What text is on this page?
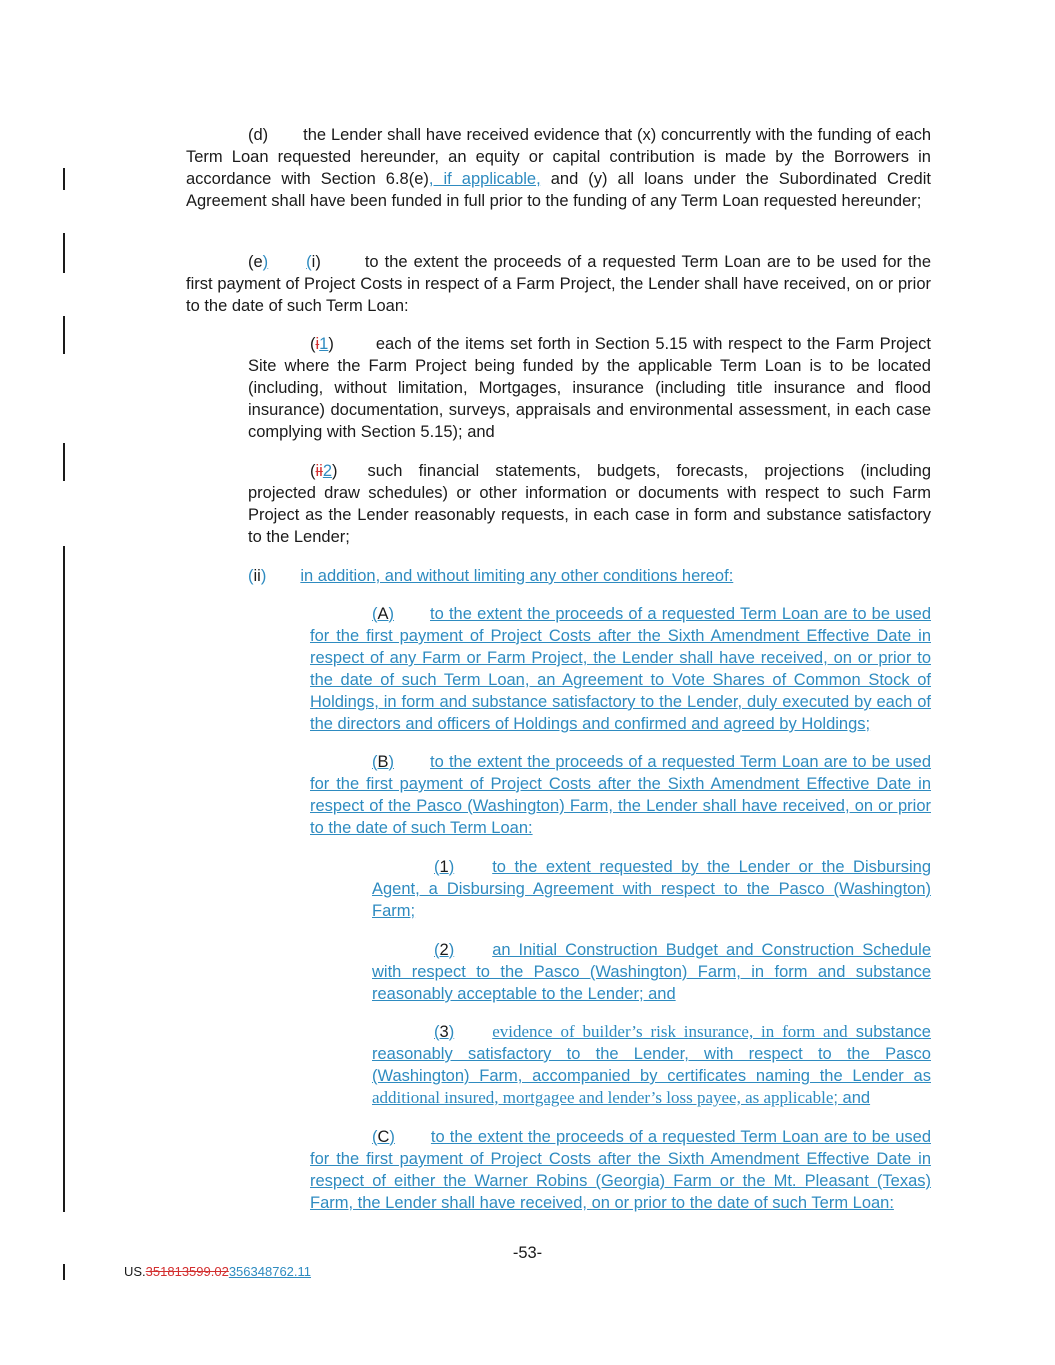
(d) the Lender shall have received evidence that (x) concurrently with the funding of each Term Loan requested hereunder, an equity or capital contribution is made by the Borrowers in accordance with Section 6.8(e), if applicable, and (y) all loans under the Subordinated Credit Agreement shall have been funded in full prior to the funding of any Term Loan requested hereunder;

(e) (i)	to the extent the proceeds of a requested Term Loan are to be used for the first payment of Project Costs in respect of a Farm Project, the Lender shall have received, on or prior to the date of such Term Loan:

(i1)	each of the items set forth in Section 5.15 with respect to the Farm Project Site where the Farm Project being funded by the applicable Term Loan is to be located (including, without limitation, Mortgages, insurance (including title insurance and flood insurance) documentation, surveys, appraisals and environmental assessment, in each case complying with Section 5.15); and

(ii2) such financial statements, budgets, forecasts, projections (including projected draw schedules) or other information or documents with respect to such Farm Project as the Lender reasonably requests, in each case in form and substance satisfactory to the Lender;

(ii) in addition, and without limiting any other conditions hereof:

(A) to the extent the proceeds of a requested Term Loan are to be used for the first payment of Project Costs after the Sixth Amendment Effective Date in respect of any Farm or Farm Project, the Lender shall have received, on or prior to the date of such Term Loan, an Agreement to Vote Shares of Common Stock of Holdings, in form and substance satisfactory to the Lender, duly executed by each of the directors and officers of Holdings and confirmed and agreed by Holdings;

(B) to the extent the proceeds of a requested Term Loan are to be used for the first payment of Project Costs after the Sixth Amendment Effective Date in respect of the Pasco (Washington) Farm, the Lender shall have received, on or prior to the date of such Term Loan:

(1) to the extent requested by the Lender or the Disbursing Agent, a Disbursing Agreement with respect to the Pasco (Washington) Farm;

(2) an Initial Construction Budget and Construction Schedule with respect to the Pasco (Washington) Farm, in form and substance reasonably acceptable to the Lender; and

(3) evidence of builder’s risk insurance, in form and substance reasonably satisfactory to the Lender, with respect to the Pasco (Washington) Farm, accompanied by certificates naming the Lender as additional insured, mortgagee and lender’s loss payee, as applicable; and

(C) to the extent the proceeds of a requested Term Loan are to be used for the first payment of Project Costs after the Sixth Amendment Effective Date in respect of either the Warner Robins (Georgia) Farm or the Mt. Pleasant (Texas) Farm, the Lender shall have received, on or prior to the date of such Term Loan:

-53-
US.351813599.02356348762.11
